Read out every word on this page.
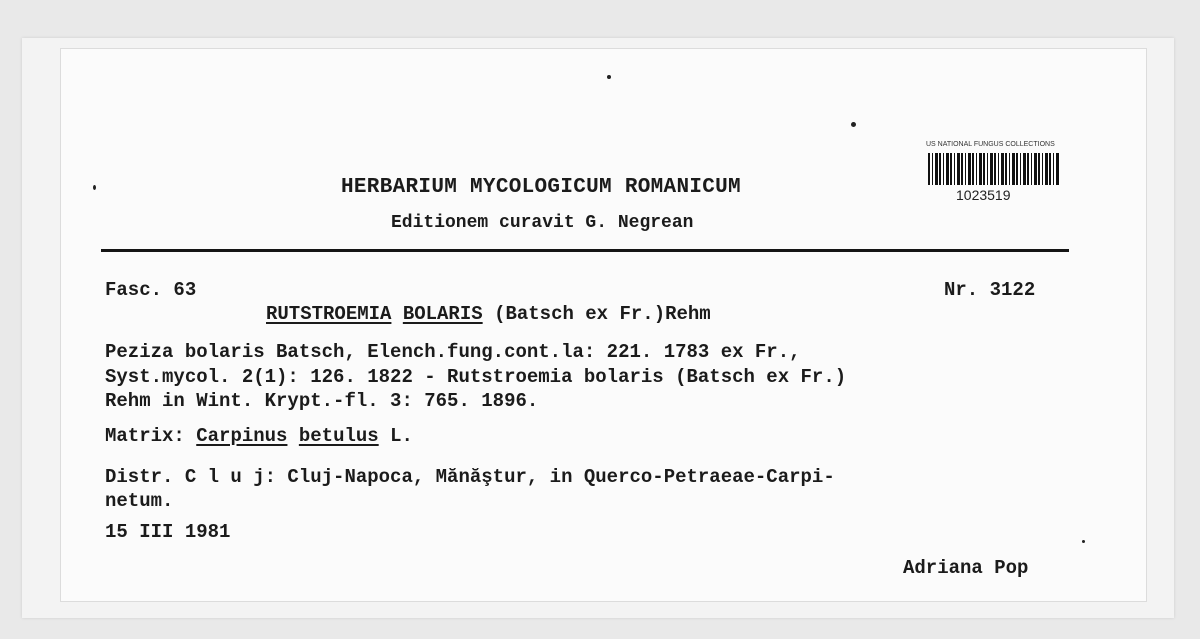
HERBARIUM MYCOLOGICUM ROMANICUM
Editionem curavit G. Negrean
US NATIONAL FUNGUS COLLECTIONS
1023519
Fasc. 63	Nr. 3122
RUTSTROEMIA BOLARIS (Batsch ex Fr.)Rehm
Peziza bolaris Batsch, Elench.fung.cont.la: 221. 1783 ex Fr.,
Syst.mycol. 2(1): 126. 1822 - Rutstroemia bolaris (Batsch ex Fr.)
Rehm in Wint. Krypt.-fl. 3: 765. 1896.
Matrix: Carpinus betulus L.
Distr. C l u j: Cluj-Napoca, Mănăştur, in Querco-Petraeae-Carpi-
netum.
15 III 1981
Adriana Pop
